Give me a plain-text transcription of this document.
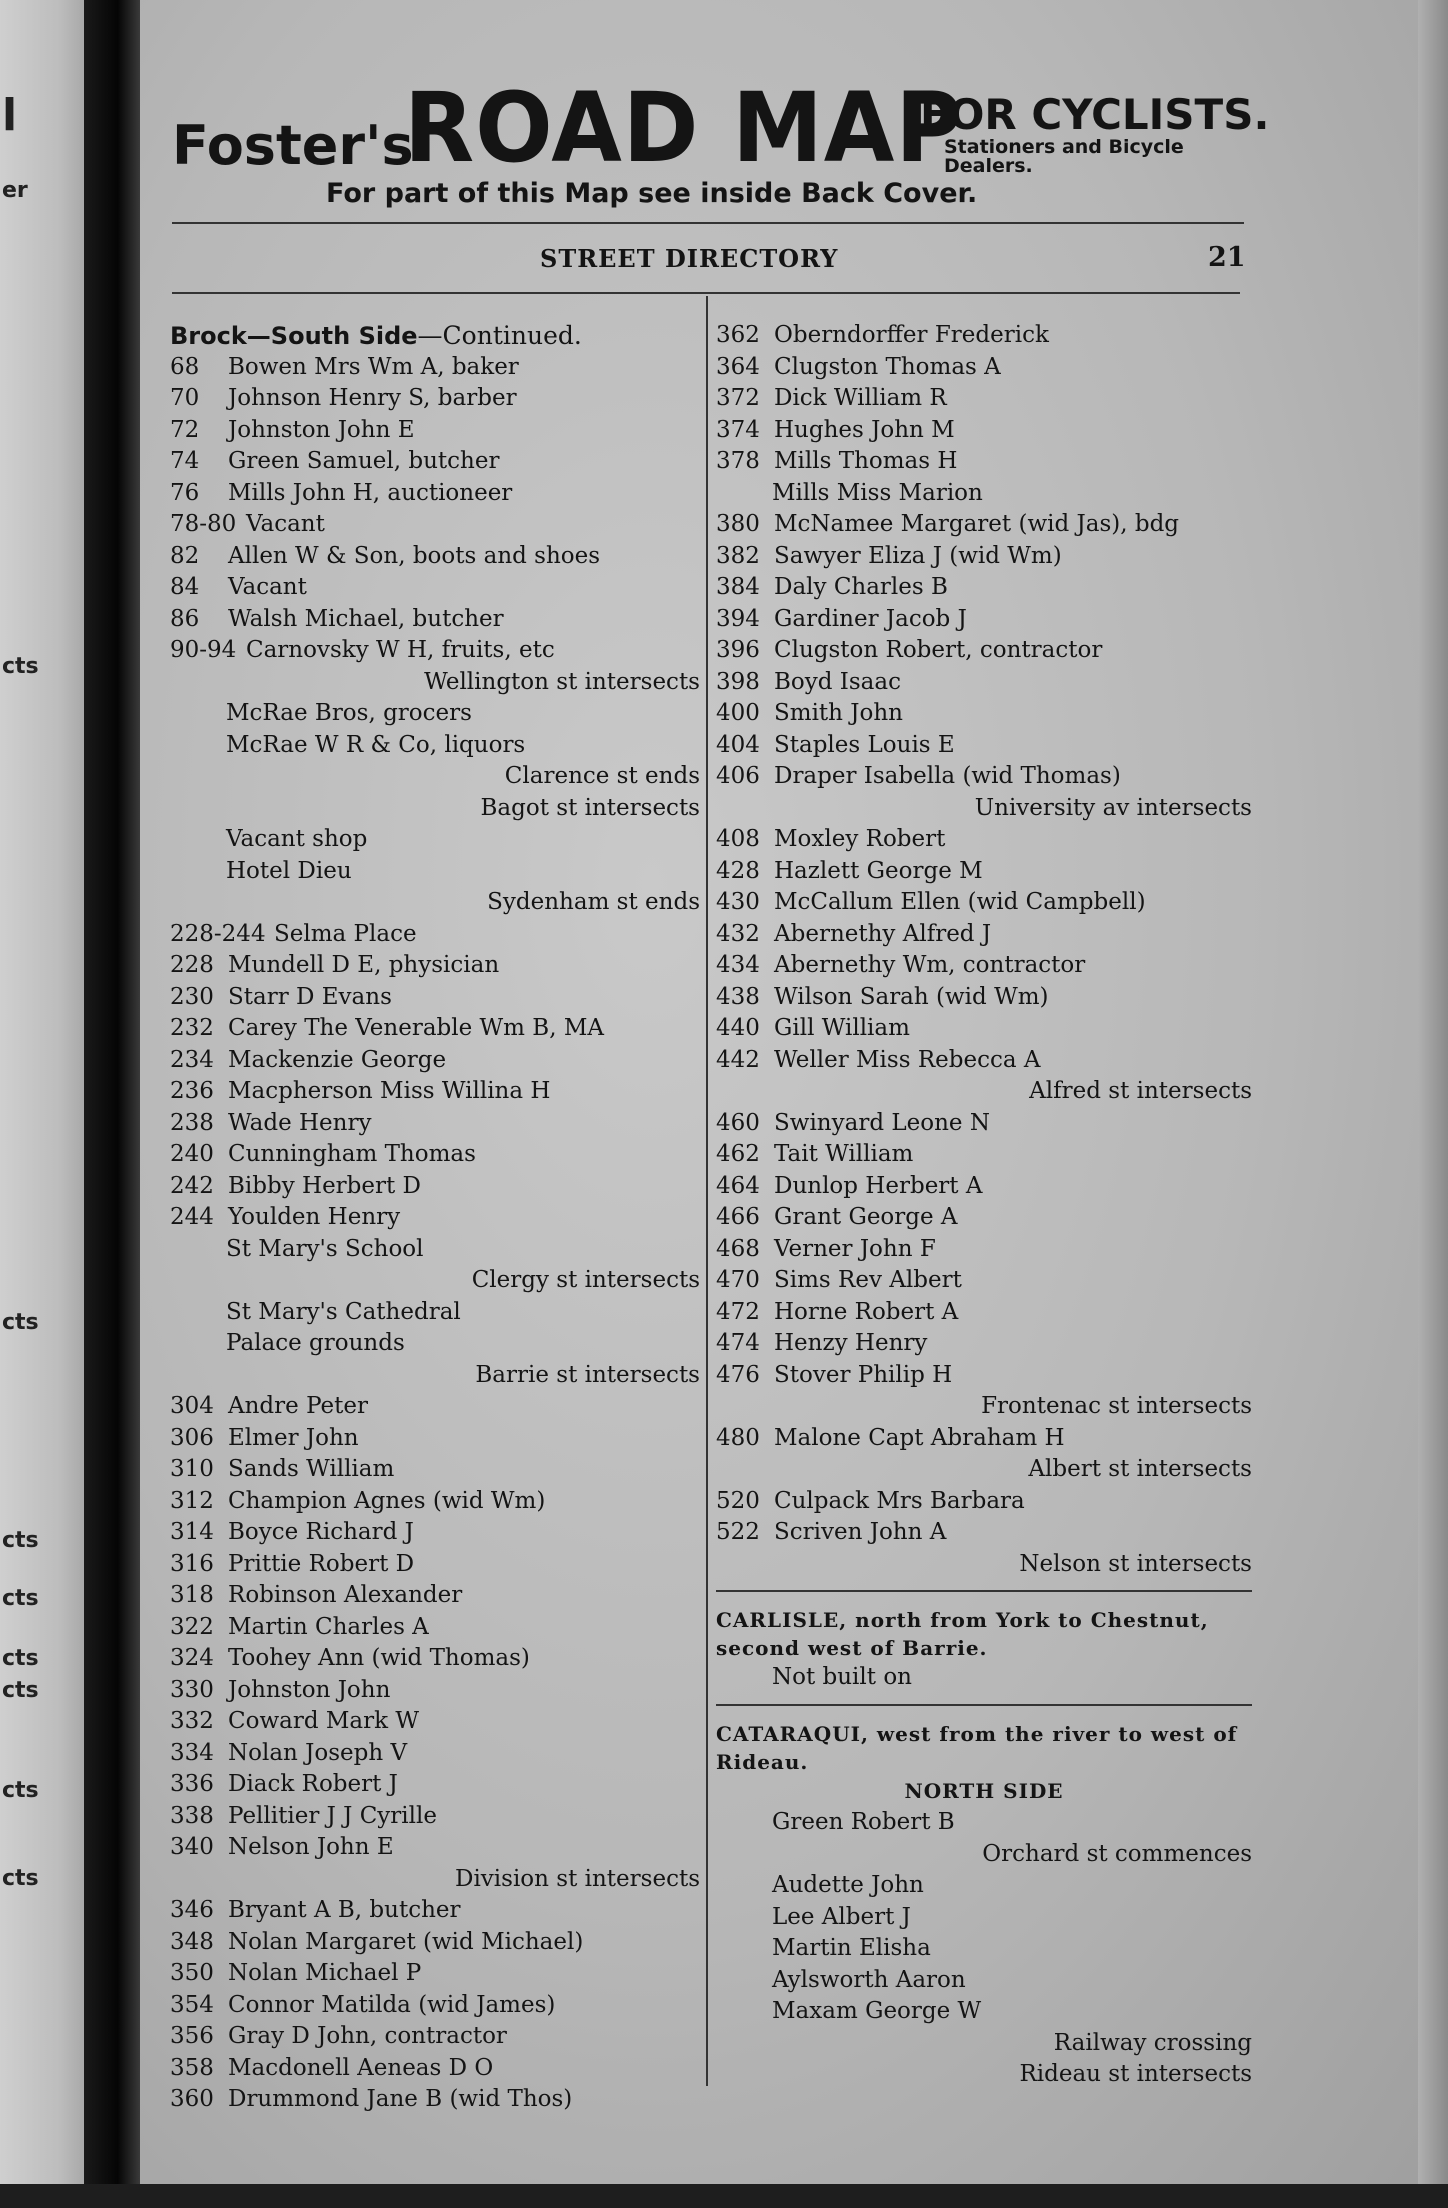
l
er
cts
cts
cts
cts
cts
cts
cts
cts
Foster's
ROAD MAP
FOR CYCLISTS.
Stationers and Bicycle Dealers.
For part of this Map see inside Back Cover.
STREET DIRECTORY	21
Brock—South Side—Continued.
68 Bowen Mrs Wm A, baker
70 Johnson Henry S, barber
72 Johnston John E
74 Green Samuel, butcher
76 Mills John H, auctioneer
78-80 Vacant
82 Allen W & Son, boots and shoes
84 Vacant
86 Walsh Michael, butcher
90-94 Carnovsky W H, fruits, etc
Wellington st intersects
McRae Bros, grocers
McRae W R & Co, liquors
Clarence st ends
Bagot st intersects
Vacant shop
Hotel Dieu
Sydenham st ends
228-244 Selma Place
228 Mundell D E, physician
230 Starr D Evans
232 Carey The Venerable Wm B, MA
234 Mackenzie George
236 Macpherson Miss Willina H
238 Wade Henry
240 Cunningham Thomas
242 Bibby Herbert D
244 Youlden Henry
St Mary's School
Clergy st intersects
St Mary's Cathedral
Palace grounds
Barrie st intersects
304 Andre Peter
306 Elmer John
310 Sands William
312 Champion Agnes (wid Wm)
314 Boyce Richard J
316 Prittie Robert D
318 Robinson Alexander
322 Martin Charles A
324 Toohey Ann (wid Thomas)
330 Johnston John
332 Coward Mark W
334 Nolan Joseph V
336 Diack Robert J
338 Pellitier J J Cyrille
340 Nelson John E
Division st intersects
346 Bryant A B, butcher
348 Nolan Margaret (wid Michael)
350 Nolan Michael P
354 Connor Matilda (wid James)
356 Gray D John, contractor
358 Macdonell Aeneas D O
360 Drummond Jane B (wid Thos)
362 Oberndorffer Frederick
364 Clugston Thomas A
372 Dick William R
374 Hughes John M
378 Mills Thomas H
Mills Miss Marion
380 McNamee Margaret (wid Jas), bdg
382 Sawyer Eliza J (wid Wm)
384 Daly Charles B
394 Gardiner Jacob J
396 Clugston Robert, contractor
398 Boyd Isaac
400 Smith John
404 Staples Louis E
406 Draper Isabella (wid Thomas)
University av intersects
408 Moxley Robert
428 Hazlett George M
430 McCallum Ellen (wid Campbell)
432 Abernethy Alfred J
434 Abernethy Wm, contractor
438 Wilson Sarah (wid Wm)
440 Gill William
442 Weller Miss Rebecca A
Alfred st intersects
460 Swinyard Leone N
462 Tait William
464 Dunlop Herbert A
466 Grant George A
468 Verner John F
470 Sims Rev Albert
472 Horne Robert A
474 Henzy Henry
476 Stover Philip H
Frontenac st intersects
480 Malone Capt Abraham H
Albert st intersects
520 Culpack Mrs Barbara
522 Scriven John A
Nelson st intersects
CARLISLE, north from York to Chestnut, second west of Barrie.
Not built on
CATARAQUI, west from the river to west of Rideau.
NORTH SIDE
Green Robert B
Orchard st commences
Audette John
Lee Albert J
Martin Elisha
Aylsworth Aaron
Maxam George W
Railway crossing
Rideau st intersects
